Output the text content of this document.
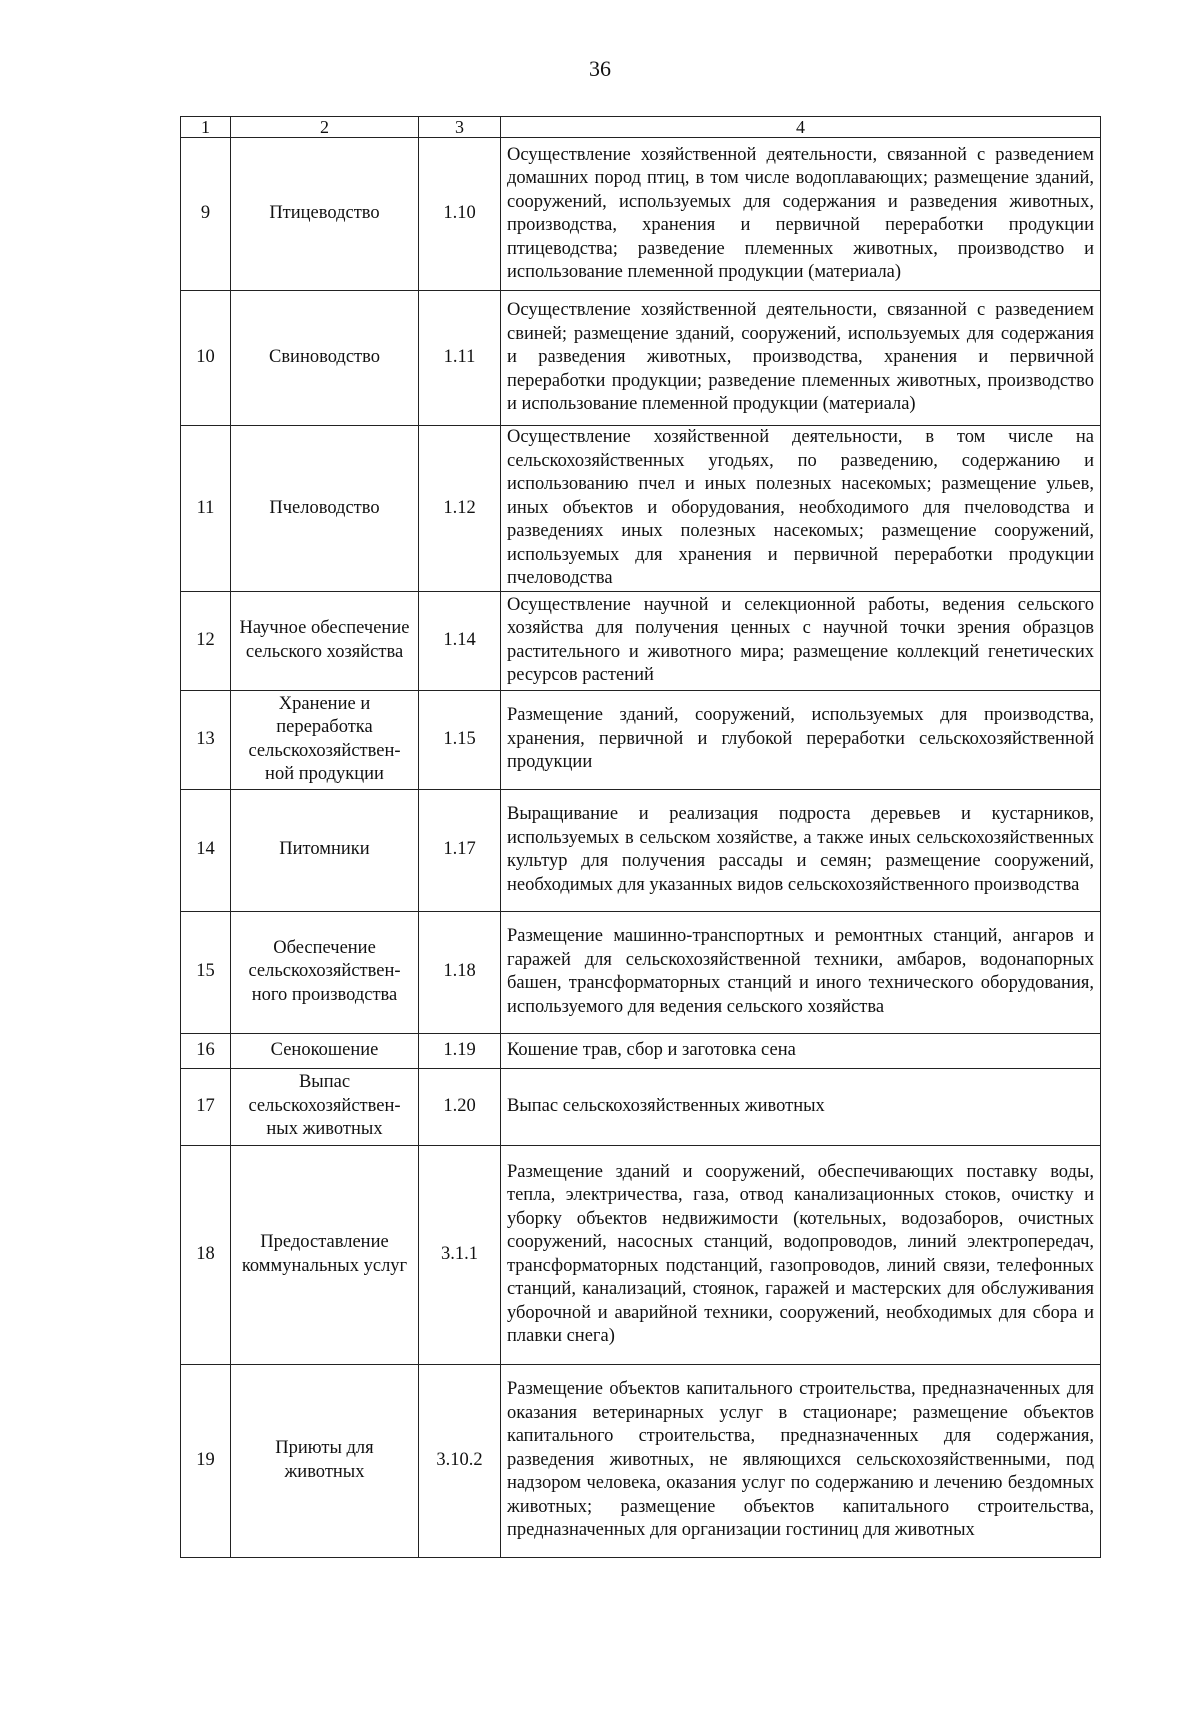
36
1	2	3	4
9	Птицеводство	1.10	Осуществление хозяйственной деятельности, связанной с разведением домашних пород птиц, в том числе водоплавающих; размещение зданий, сооружений, используемых для содержания и разведения животных, производства, хранения и первичной переработки продукции птицеводства; разведение племенных животных, производство и использование племенной продукции (материала)
10	Свиноводство	1.11	Осуществление хозяйственной деятельности, связанной с разведением свиней; размещение зданий, сооружений, используемых для содержания и разведения животных, производства, хранения и первичной переработки продукции; разведение племенных животных, производство и использование племенной продукции (материала)
11	Пчеловодство	1.12	Осуществление хозяйственной деятельности, в том числе на сельскохозяйственных угодьях, по разведению, содержанию и использованию пчел и иных полезных насекомых; размещение ульев, иных объектов и оборудования, необходимого для пчеловодства и разведениях иных полезных насекомых; размещение сооружений, используемых для хранения и первичной переработки продукции пчеловодства
12	Научное обеспечение сельского хозяйства	1.14	Осуществление научной и селекционной работы, ведения сельского хозяйства для получения ценных с научной точки зрения образцов растительного и животного мира; размещение коллекций генетических ресурсов растений
13	Хранение и переработка сельскохозяйствен-ной продукции	1.15	Размещение зданий, сооружений, используемых для производства, хранения, первичной и глубокой переработки сельскохозяйственной продукции
14	Питомники	1.17	Выращивание и реализация подроста деревьев и кустарников, используемых в сельском хозяйстве, а также иных сельскохозяйственных культур для получения рассады и семян; размещение сооружений, необходимых для указанных видов сельскохозяйственного производства
15	Обеспечение сельскохозяйствен-ного производства	1.18	Размещение машинно-транспортных и ремонтных станций, ангаров и гаражей для сельскохозяйственной техники, амбаров, водонапорных башен, трансформаторных станций и иного технического оборудования, используемого для ведения сельского хозяйства
16	Сенокошение	1.19	Кошение трав, сбор и заготовка сена
17	Выпас сельскохозяйствен-ных животных	1.20	Выпас сельскохозяйственных животных
18	Предоставление коммунальных услуг	3.1.1	Размещение зданий и сооружений, обеспечивающих поставку воды, тепла, электричества, газа, отвод канализационных стоков, очистку и уборку объектов недвижимости (котельных, водозаборов, очистных сооружений, насосных станций, водопроводов, линий электропередач, трансформаторных подстанций, газопроводов, линий связи, телефонных станций, канализаций, стоянок, гаражей и мастерских для обслуживания уборочной и аварийной техники, сооружений, необходимых для сбора и плавки снега)
19	Приюты для животных	3.10.2	Размещение объектов капитального строительства, предназначенных для оказания ветеринарных услуг в стационаре; размещение объектов капитального строительства, предназначенных для содержания, разведения животных, не являющихся сельскохозяйственными, под надзором человека, оказания услуг по содержанию и лечению бездомных животных; размещение объектов капитального строительства, предназначенных для организации гостиниц для животных
